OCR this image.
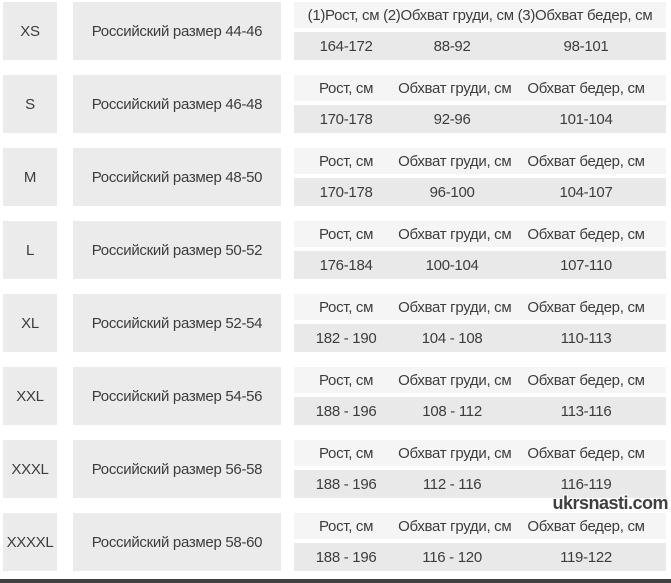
XS	Российский размер 44-46
(1)Рост, см (2)Обхват груди, см (3)Обхват бедер, см
164-172	88-92	98-101
S	Российский размер 46-48
Рост, см	Обхват груди, см	Обхват бедер, см
170-178	92-96	101-104
M	Российский размер 48-50
Рост, см	Обхват груди, см	Обхват бедер, см
170-178	96-100	104-107
L	Российский размер 50-52
Рост, см	Обхват груди, см	Обхват бедер, см
176-184	100-104	107-110
XL	Российский размер 52-54
Рост, см	Обхват груди, см	Обхват бедер, см
182 - 190	104 - 108	110-113
XXL	Российский размер 54-56
Рост, см	Обхват груди, см	Обхват бедер, см
188 - 196	108 - 112	113-116
XXXL	Российский размер 56-58
Рост, см	Обхват груди, см	Обхват бедер, см
188 - 196	112 - 116	116-119
XXXXL	Российский размер 58-60
Рост, см	Обхват груди, см	Обхват бедер, см
188 - 196	116 - 120	119-122
ukrsnasti.com
